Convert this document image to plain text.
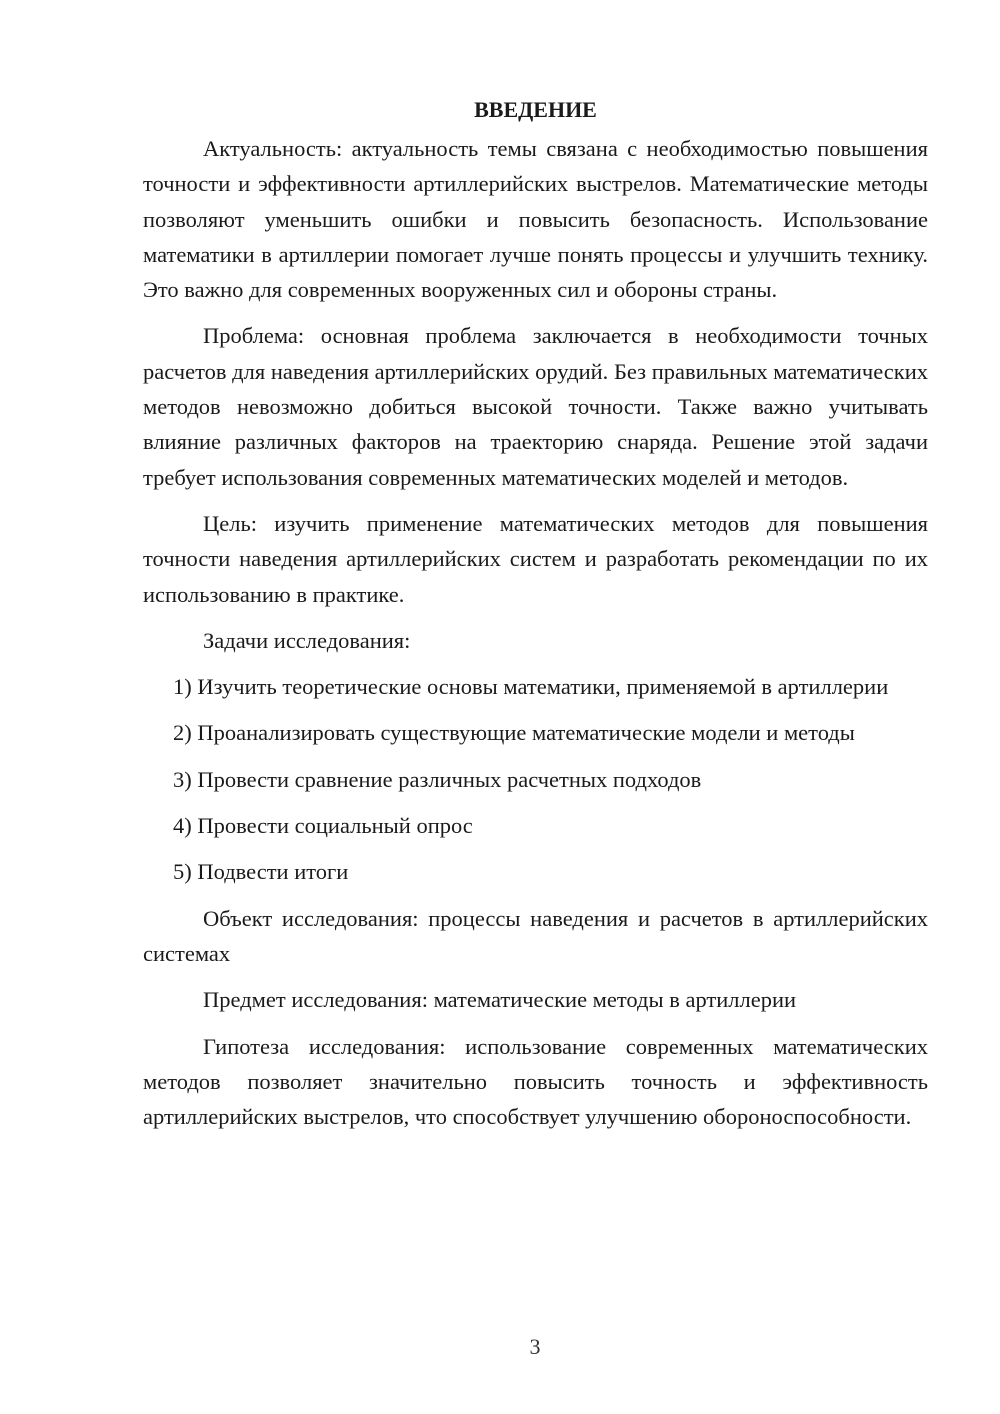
ВВЕДЕНИЕ

Актуальность: актуальность темы связана с необходимостью повышения точности и эффективности артиллерийских выстрелов. Математические методы позволяют уменьшить ошибки и повысить безопасность. Использование математики в артиллерии помогает лучше понять процессы и улучшить технику. Это важно для современных вооруженных сил и обороны страны.

Проблема: основная проблема заключается в необходимости точных расчетов для наведения артиллерийских орудий. Без правильных математических методов невозможно добиться высокой точности. Также важно учитывать влияние различных факторов на траекторию снаряда. Решение этой задачи требует использования современных математических моделей и методов.

Цель: изучить применение математических методов для повышения точности наведения артиллерийских систем и разработать рекомендации по их использованию в практике.

Задачи исследования:

1) Изучить теоретические основы математики, применяемой в артиллерии

2) Проанализировать существующие математические модели и методы

3) Провести сравнение различных расчетных подходов

4) Провести социальный опрос

5) Подвести итоги

Объект исследования: процессы наведения и расчетов в артиллерийских системах

Предмет исследования: математические методы в артиллерии

Гипотеза исследования: использование современных математических методов позволяет значительно повысить точность и эффективность артиллерийских выстрелов, что способствует улучшению обороноспособности.

3
